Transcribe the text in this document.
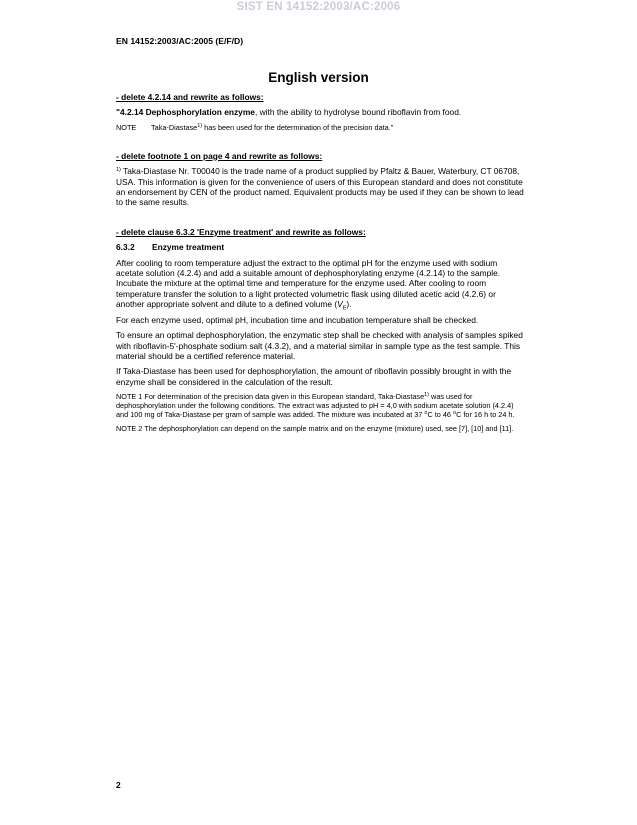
SIST EN 14152:2003/AC:2006
EN 14152:2003/AC:2005 (E/F/D)
English version
- delete 4.2.14 and rewrite as follows:
"4.2.14 Dephosphorylation enzyme, with the ability to hydrolyse bound riboflavin from food.
NOTE Taka-Diastase$^{1)}$ has been used for the determination of the precision data."
- delete footnote 1 on page 4 and rewrite as follows:
$^{1)}$ Taka-Diastase Nr. T00040 is the trade name of a product supplied by Pfaltz & Bauer, Waterbury, CT 06708, USA. This information is given for the convenience of users of this European standard and does not constitute an endorsement by CEN of the product named. Equivalent products may be used if they can be shown to lead to the same results.
- delete clause 6.3.2 'Enzyme treatment' and rewrite as follows:
6.3.2 Enzyme treatment
After cooling to room temperature adjust the extract to the optimal pH for the enzyme used with sodium acetate solution (4.2.4) and add a suitable amount of dephosphorylating enzyme (4.2.14) to the sample. Incubate the mixture at the optimal time and temperature for the enzyme used. After cooling to room temperature transfer the solution to a light protected volumetric flask using diluted acetic acid (4.2.6) or another appropriate solvent and dilute to a defined volume $(V_E)$.
For each enzyme used, optimal pH, incubation time and incubation temperature shall be checked.
To ensure an optimal dephosphorylation, the enzymatic step shall be checked with analysis of samples spiked with riboflavin-5'-phosphate sodium salt (4.3.2), and a material similar in sample type as the test sample. This material should be a certified reference material.
If Taka-Diastase has been used for dephosphorylation, the amount of riboflavin possibly brought in with the enzyme shall be considered in the calculation of the result.
NOTE 1 For determination of the precision data given in this European standard, Taka-Diastase$^{1)}$ was used for dephosphorylation under the following conditions. The extract was adjusted to pH = 4,0 with sodium acetate solution (4.2.4) and 100 mg of Taka-Diastase per gram of sample was added. The mixture was incubated at 37 $^o$C to 46 $^o$C for 16 h to 24 h.
NOTE 2 The dephosphorylation can depend on the sample matrix and on the enzyme (mixture) used, see [7], [10] and [11].
2
